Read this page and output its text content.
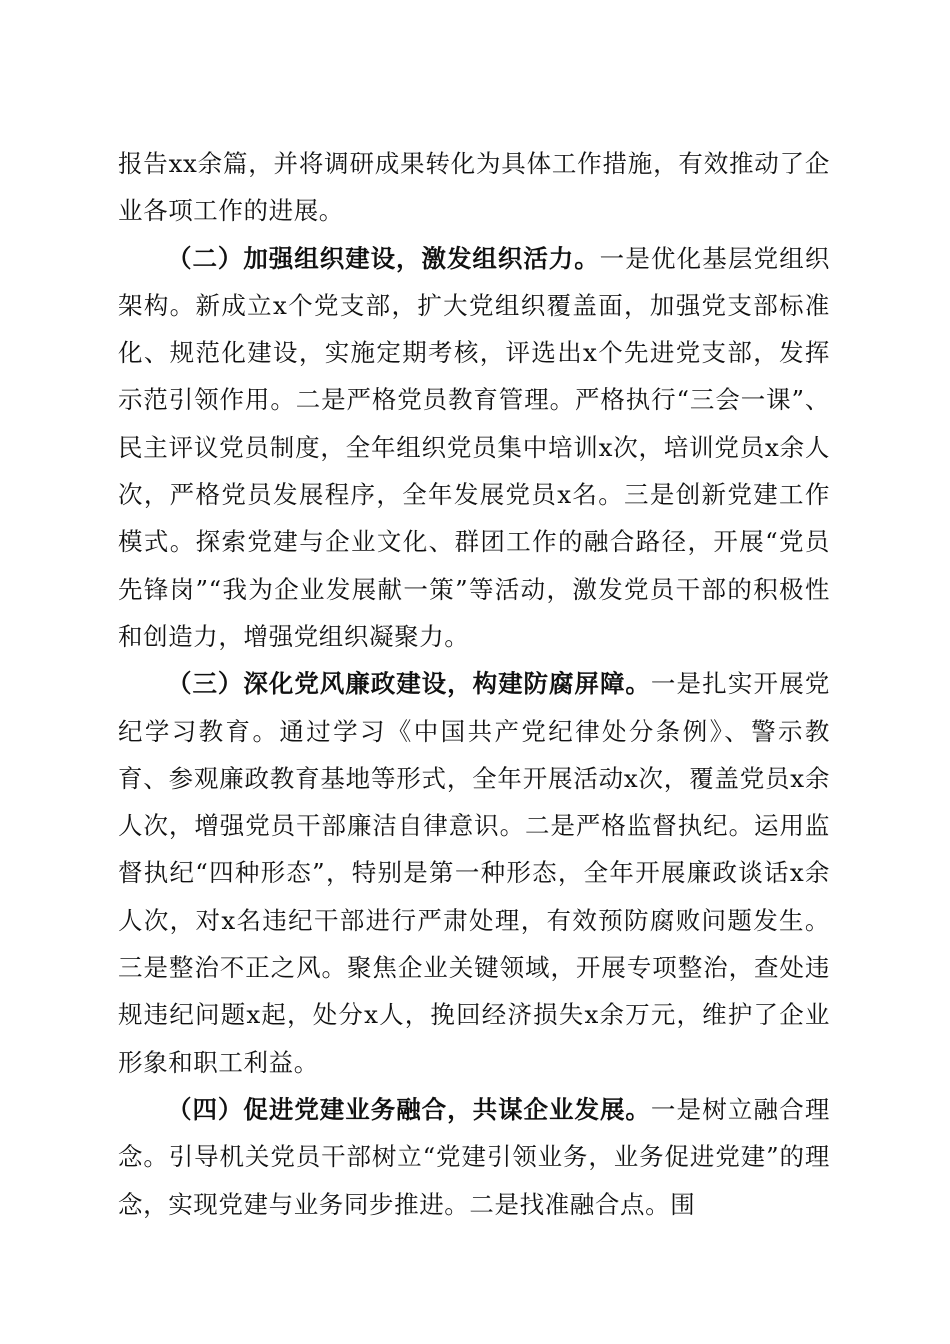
报告xx余篇，并将调研成果转化为具体工作措施，有效推动了企业各项工作的进展。

（二）加强组织建设，激发组织活力。一是优化基层党组织架构。新成立x个党支部，扩大党组织覆盖面，加强党支部标准化、规范化建设，实施定期考核，评选出x个先进党支部，发挥示范引领作用。二是严格党员教育管理。严格执行“三会一课”、民主评议党员制度，全年组织党员集中培训x次，培训党员x余人次，严格党员发展程序，全年发展党员x名。三是创新党建工作模式。探索党建与企业文化、群团工作的融合路径，开展“党员先锋岗”“我为企业发展献一策”等活动，激发党员干部的积极性和创造力，增强党组织凝聚力。

（三）深化党风廉政建设，构建防腐屏障。一是扎实开展党纪学习教育。通过学习《中国共产党纪律处分条例》、警示教育、参观廉政教育基地等形式，全年开展活动x次，覆盖党员x余人次，增强党员干部廉洁自律意识。二是严格监督执纪。运用监督执纪“四种形态”，特别是第一种形态，全年开展廉政谈话x余人次，对x名违纪干部进行严肃处理，有效预防腐败问题发生。三是整治不正之风。聚焦企业关键领域，开展专项整治，查处违规违纪问题x起，处分x人，挽回经济损失x余万元，维护了企业形象和职工利益。

（四）促进党建业务融合，共谋企业发展。一是树立融合理念。引导机关党员干部树立“党建引领业务，业务促进党建”的理念，实现党建与业务同步推进。二是找准融合点。围
